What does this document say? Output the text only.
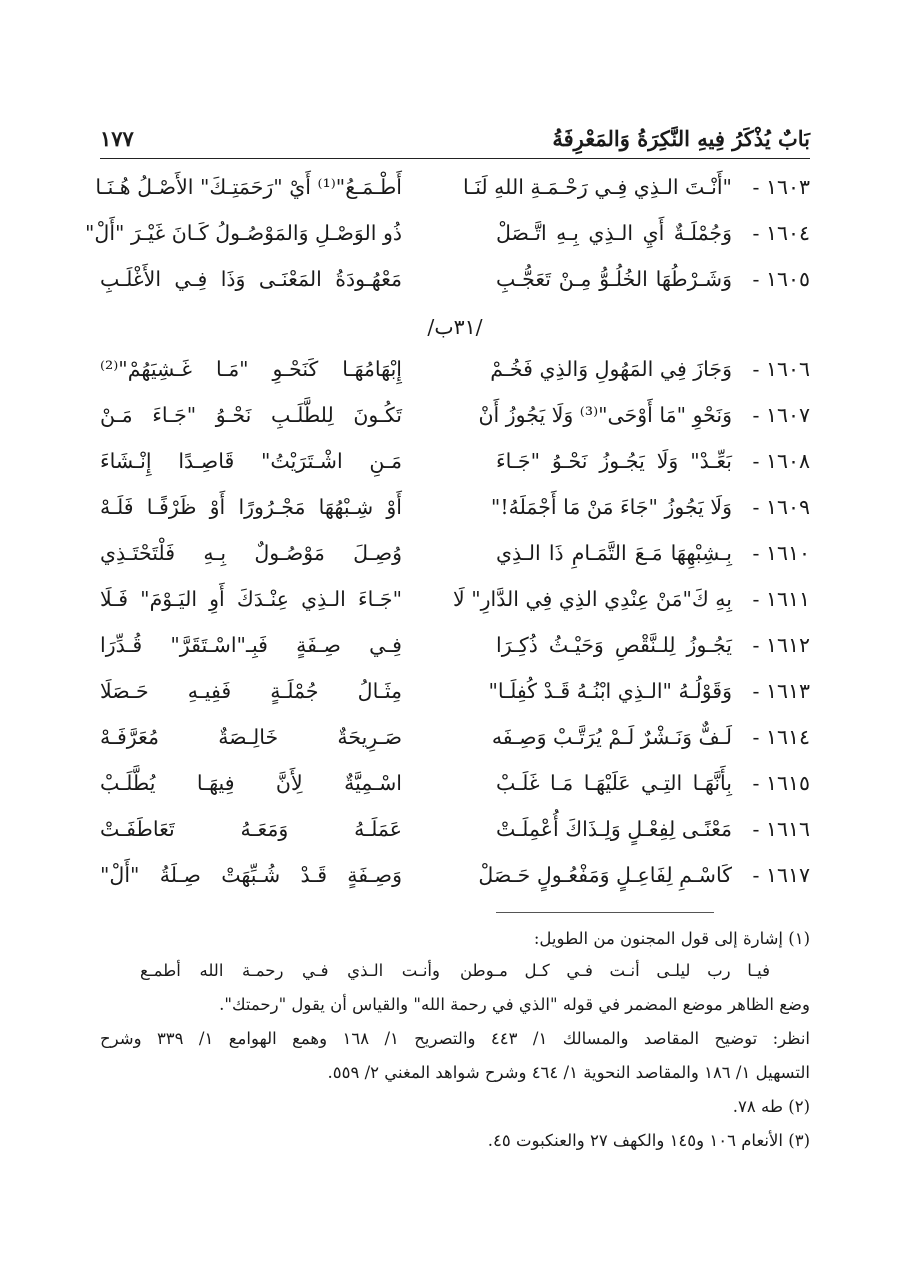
بَابٌ يُذْكَرُ فِيهِ النَّكِرَةُ وَالمَعْرِفَةُ
١٧٧
١٦٠٣ -
"أَنْـتَ الـذِي فِـي رَحْـمَـةِ اللهِ لَنَـا
أَطْـمَـعُ"⁽¹⁾ أَيْ "رَحَمَتِـكَ" الأَصْـلُ هُـنَـا
١٦٠٤ -
وَجُمْلَـةٌ أَيِ الـذِي بِـهِ اتَّـصَلْ
ذُو الوَصْـلِ وَالمَوْصُـولُ كَـانَ غَيْـرَ "أَلْ"
١٦٠٥ -
وَشَـرْطُهَا الخُلُـوُّ مِـنْ تَعَجُّـبِ
مَعْهُـودَةُ المَعْنَـى وَذَا فِـي الأَغْلَـبِ
/٣١ب/
١٦٠٦ -
وَجَازَ فِي المَهُولِ وَالذِي فَخُـمْ
إِبْهَامُهَـا كَنَحْـوِ "مَـا غَـشِيَهُمْ"⁽²⁾
١٦٠٧ -
وَنَحْوِ "مَا أَوْحَى"⁽³⁾ وَلَا يَجُوزُ أَنْ
تَكُـونَ لِلطَّلَـبِ نَحْـوُ "جَـاءَ مَـنْ
١٦٠٨ -
بَعِّـدْ" وَلَا يَجُـوزُ نَحْـوُ "جَـاءَ
مَـنِ اشْـتَرَيْتُ" قَاصِـدًا إِنْـشَاءَ
١٦٠٩ -
وَلَا يَجُوزُ "جَاءَ مَنْ مَا أَجْمَلَهُ!"
أَوْ شِـبْهُهَا مَجْـرُورًا أَوْ ظَرْفًـا فَلَـهْ
١٦١٠ -
بِـشِبْهِهَا مَـعَ التَّمَـامِ ذَا الـذِي
وُصِـلَ مَوْصُـولٌ بِـهِ فَلْتَحْتَـذِي
١٦١١ -
بِهِ كَ"مَنْ عِنْدِي الذِي فِي الدَّارِ" لَا
"جَـاءَ الـذِي عِنْـدَكَ أَوِ اليَـوْمَ" فَـلَا
١٦١٢ -
يَجُـوزُ لِلـنَّقْصِ وَحَيْـثُ ذُكِـرَا
فِـي صِـفَةٍ فَبِـ"اسْـتَقَرَّ" قُـدِّرَا
١٦١٣ -
وَقَوْلُـهُ "الـذِي ابْنُـهُ قَـدْ كُفِلَـا"
مِثَـالُ جُمْلَـةٍ فَفِيـهِ حَـصَلَا
١٦١٤ -
لَـفٌّ وَنَـشْرٌ لَـمْ يُرَتَّـبْ وَصِـفَه
صَـرِيحَةٌ خَالِـصَةٌ مُعَرَّفَـهْ
١٦١٥ -
بِأَنَّهَـا التِـي عَلَيْهَـا مَـا غَلَـبْ
اسْـمِيَّةٌ لِأَنَّ فِيهَـا يُطَّلَـبْ
١٦١٦ -
مَعْنًـى لِفِعْـلٍ وَلِـذَاكَ أُعْمِلَـتْ
عَمَلَـهُ وَمَعَـهُ تَعَاطَفَـتْ
١٦١٧ -
كَاسْـمِ لِفَاعِـلٍ وَمَفْعُـولٍ حَـصَلْ
وَصِـفَةٍ قَـدْ شُـبِّهَتْ صِـلَةُ "أَلْ"
(١) إشارة إلى قول المجنون من الطويل:
فيـا رب ليلـى أنـت فـي كـل مـوطن
وأنـت الـذي فـي رحمـة الله أطمـع
وضع الظاهر موضع المضمر في قوله "الذي في رحمة الله" والقياس أن يقول "رحمتك".
انظر: توضيح المقاصد والمسالك ١/ ٤٤٣ والتصريح ١/ ١٦٨ وهمع الهوامع ١/ ٣٣٩ وشرح
التسهيل ١/ ١٨٦ والمقاصد النحوية ١/ ٤٦٤ وشرح شواهد المغني ٢/ ٥٥٩.
(٢) طه ٧٨.
(٣) الأنعام ١٠٦ و١٤٥ والكهف ٢٧ والعنكبوت ٤٥.
